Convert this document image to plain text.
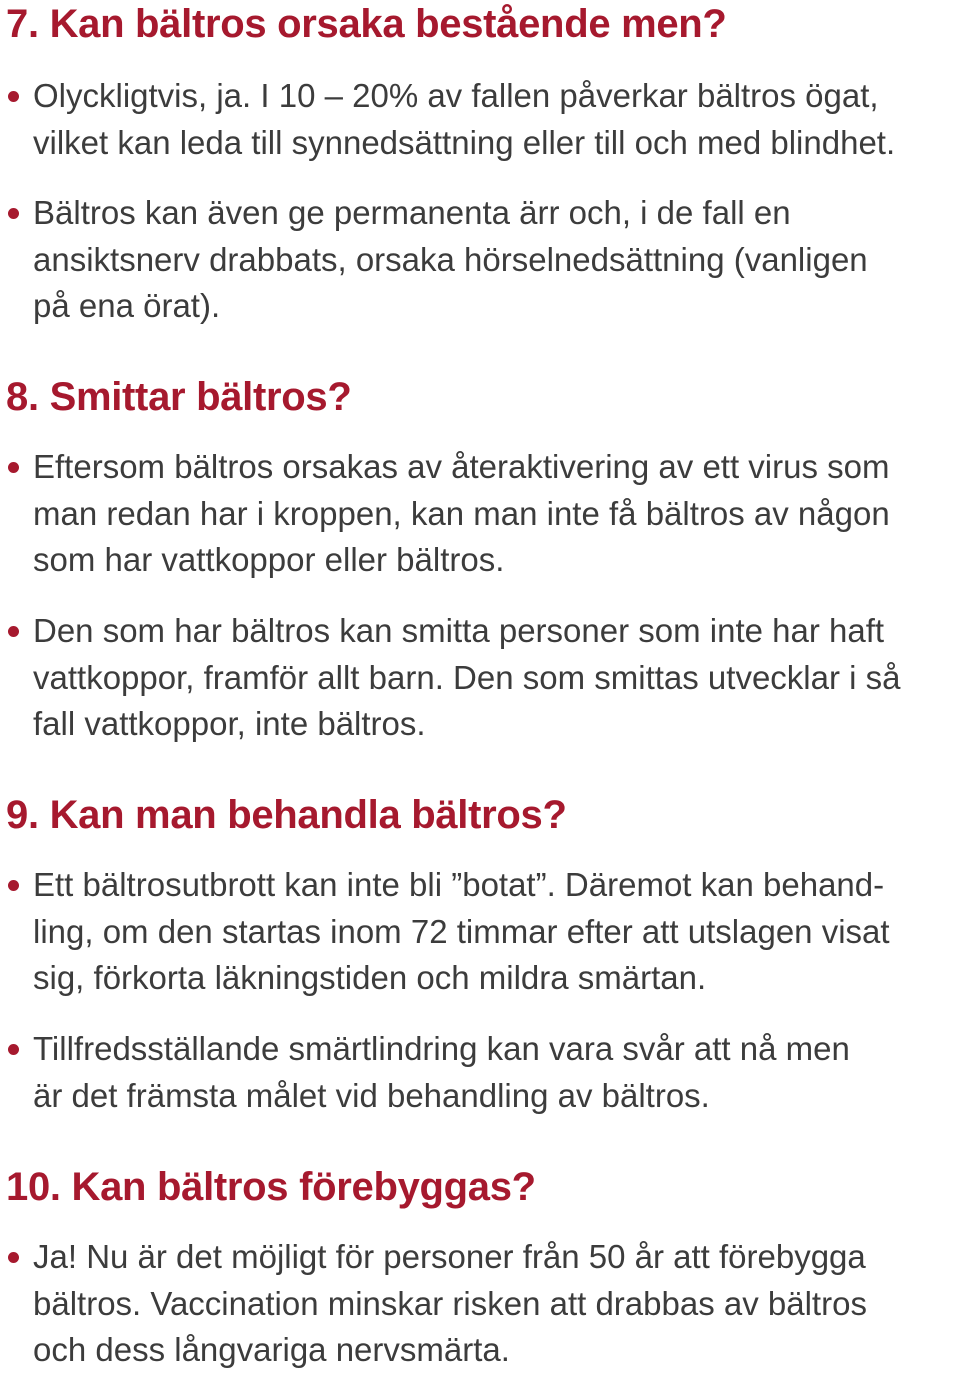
7. Kan bältros orsaka bestående men?

Olyckligtvis, ja. I 10 – 20% av fallen påverkar bältros ögat,
vilket kan leda till synnedsättning eller till och med blindhet.

Bältros kan även ge permanenta ärr och, i de fall en
ansiktsnerv drabbats, orsaka hörselnedsättning (vanligen
på ena örat).

8. Smittar bältros?

Eftersom bältros orsakas av återaktivering av ett virus som
man redan har i kroppen, kan man inte få bältros av någon
som har vattkoppor eller bältros.

Den som har bältros kan smitta personer som inte har haft
vattkoppor, framför allt barn. Den som smittas utvecklar i så
fall vattkoppor, inte bältros.

9. Kan man behandla bältros?

Ett bältrosutbrott kan inte bli ”botat”. Däremot kan behand-
ling, om den startas inom 72 timmar efter att utslagen visat
sig, förkorta läkningstiden och mildra smärtan.

Tillfredsställande smärtlindring kan vara svår att nå men
är det främsta målet vid behandling av bältros.

10. Kan bältros förebyggas?

Ja! Nu är det möjligt för personer från 50 år att förebygga
bältros. Vaccination minskar risken att drabbas av bältros
och dess långvariga nervsmärta.
